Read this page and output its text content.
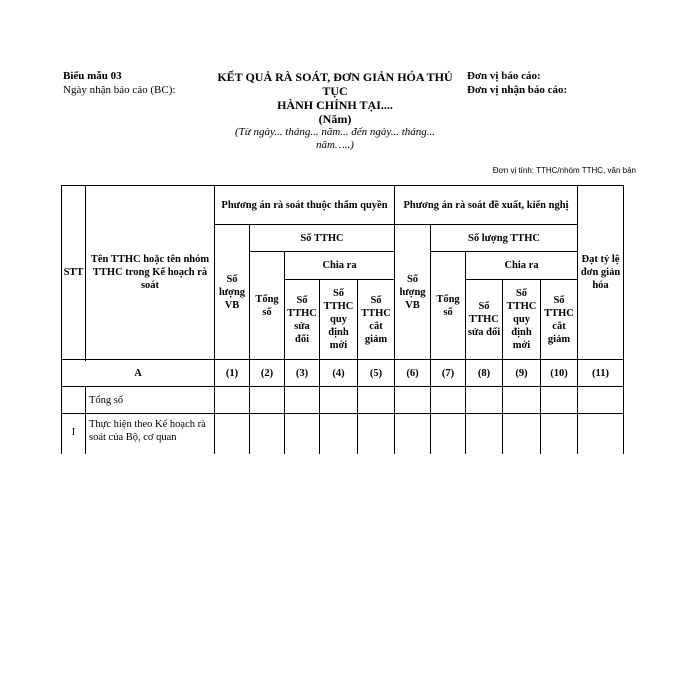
Biểu mẫu 03
Ngày nhận báo cáo (BC):
KẾT QUẢ RÀ SOÁT, ĐƠN GIẢN HÓA THỦ
TỤC
HÀNH CHÍNH TẠI....
(Năm)
(Từ ngày... tháng... năm... đến ngày... tháng...
năm…..)
Đơn vị báo cáo:
Đơn vị nhận báo cáo:
Đơn vị tính: TTHC/nhóm TTHC, văn bản
STT	Tên TTHC hoặc tên nhóm TTHC trong Kế hoạch rà soát	Phương án rà soát thuộc thẩm quyền					Phương án rà soát đề xuất, kiến nghị					Đạt tỷ lệ đơn giản hóa
		Số lượng VB	Số TTHC				Số lượng VB	Số lượng TTHC				
			Tổng số	Chia ra				Tổng số	Chia ra			
				Số TTHC sửa đổi	Số TTHC quy định mới	Số TTHC cắt giảm			Số TTHC sửa đổi	Số TTHC quy định mới	Số TTHC cắt giảm	

A		(1)	(2)	(3)	(4)	(5)	(6)	(7)	(8)	(9)	(10)	(11)
	Tổng số											
I	Thực hiện theo Kế hoạch rà soát của Bộ, cơ quan											
